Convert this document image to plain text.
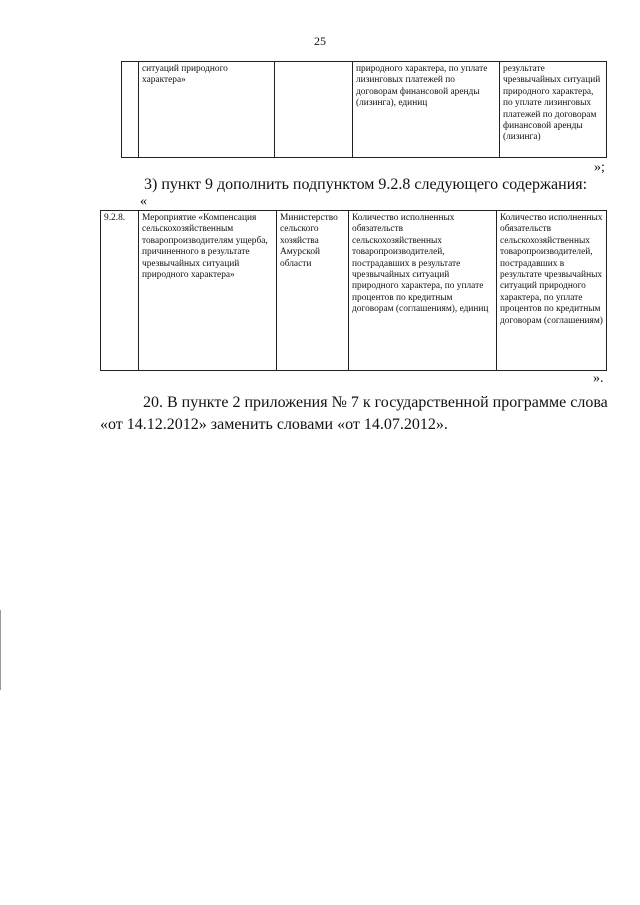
25
	ситуаций природного характера»		природного характера, по уплате лизинговых платежей по договорам финансовой аренды (лизинга), единиц	результате чрезвычайных ситуаций природного характера, по уплате лизинговых платежей по договорам финансовой аренды (лизинга)
»;
3) пункт 9 дополнить подпунктом 9.2.8 следующего содержания:
«
9.2.8.	Мероприятие «Компенсация сельскохозяйственным товаропроизводителям ущерба, причиненного в результате чрезвычайных ситуаций природного характера»	Министерство сельского хозяйства Амурской области	Количество исполненных обязательств сельскохозяйственных товаропроизводителей, пострадавших в результате чрезвычайных ситуаций природного характера, по уплате процентов по кредитным договорам (соглашениям), единиц	Количество исполненных обязательств сельскохозяйственных товаропроизводителей, пострадавших в результате чрезвычайных ситуаций природного характера, по уплате процентов по кредитным договорам (соглашениям)
».
20. В пункте 2 приложения № 7 к государственной программе слова
«от 14.12.2012» заменить словами «от 14.07.2012».
